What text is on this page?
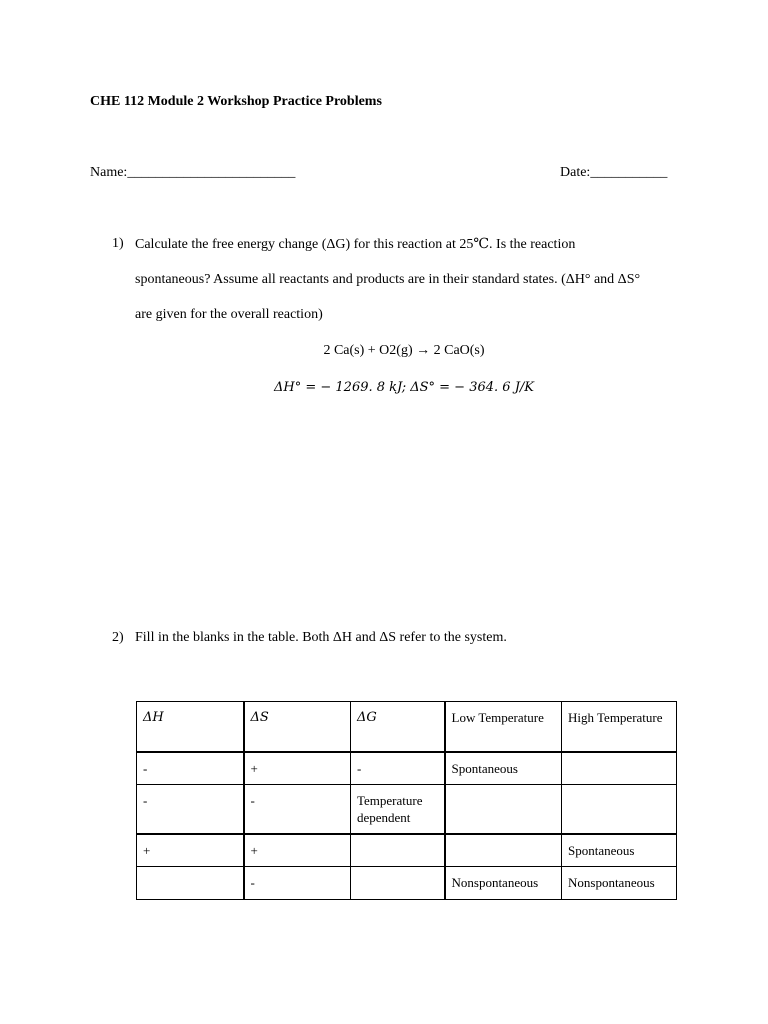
CHE 112 Module 2 Workshop Practice Problems
Name:________________________	Date:___________
1) Calculate the free energy change (ΔG) for this reaction at 25℃. Is the reaction
spontaneous? Assume all reactants and products are in their standard states. (ΔH° and ΔS°
are given for the overall reaction)
2 Ca(s) + O2(g) → 2 CaO(s)
ΔH° = − 1269. 8 kJ; ΔS° = − 364. 6 J/K
2) Fill in the blanks in the table. Both ΔH and ΔS refer to the system.
ΔH	ΔS	ΔG	Low Temperature	High Temperature
-	+	-	Spontaneous	
-	-	Temperature dependent		
+	+			Spontaneous
	-		Nonspontaneous	Nonspontaneous
